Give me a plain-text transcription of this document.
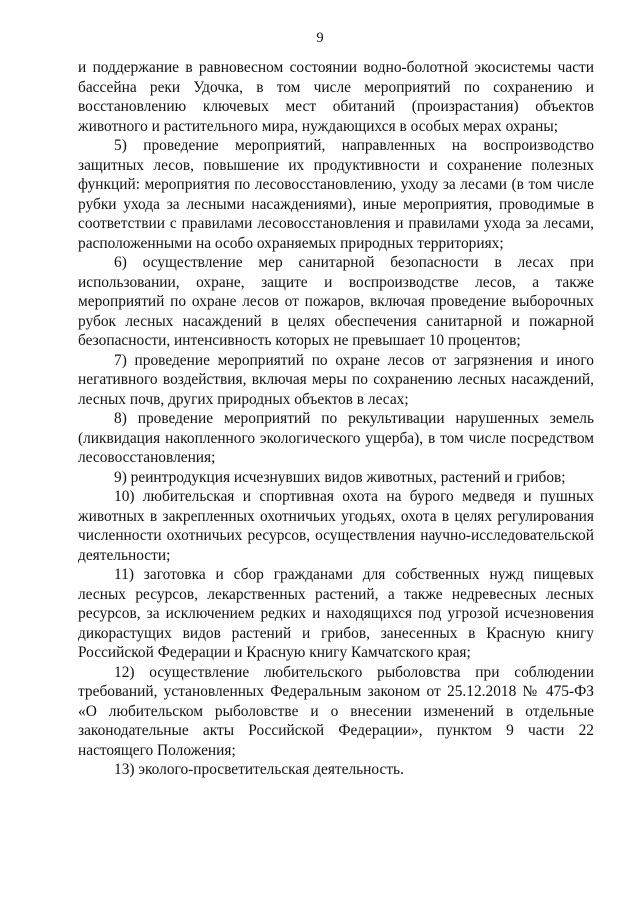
9

и поддержание в равновесном состоянии водно-болотной экосистемы части бассейна реки Удочка, в том числе мероприятий по сохранению и восстановлению ключевых мест обитаний (произрастания) объектов животного и растительного мира, нуждающихся в особых мерах охраны;

5) проведение мероприятий, направленных на воспроизводство защитных лесов, повышение их продуктивности и сохранение полезных функций: мероприятия по лесовосстановлению, уходу за лесами (в том числе рубки ухода за лесными насаждениями), иные мероприятия, проводимые в соответствии с правилами лесовосстановления и правилами ухода за лесами, расположенными на особо охраняемых природных территориях;

6) осуществление мер санитарной безопасности в лесах при использовании, охране, защите и воспроизводстве лесов, а также мероприятий по охране лесов от пожаров, включая проведение выборочных рубок лесных насаждений в целях обеспечения санитарной и пожарной безопасности, интенсивность которых не превышает 10 процентов;

7) проведение мероприятий по охране лесов от загрязнения и иного негативного воздействия, включая меры по сохранению лесных насаждений, лесных почв, других природных объектов в лесах;

8) проведение мероприятий по рекультивации нарушенных земель (ликвидация накопленного экологического ущерба), в том числе посредством лесовосстановления;

9) реинтродукция исчезнувших видов животных, растений и грибов;

10) любительская и спортивная охота на бурого медведя и пушных животных в закрепленных охотничьих угодьях, охота в целях регулирования численности охотничьих ресурсов, осуществления научно-исследовательской деятельности;

11) заготовка и сбор гражданами для собственных нужд пищевых лесных ресурсов, лекарственных растений, а также недревесных лесных ресурсов, за исключением редких и находящихся под угрозой исчезновения дикорастущих видов растений и грибов, занесенных в Красную книгу Российской Федерации и Красную книгу Камчатского края;

12) осуществление любительского рыболовства при соблюдении требований, установленных Федеральным законом от 25.12.2018 № 475-ФЗ «О любительском рыболовстве и о внесении изменений в отдельные законодательные акты Российской Федерации», пунктом 9 части 22 настоящего Положения;

13) эколого-просветительская деятельность.
